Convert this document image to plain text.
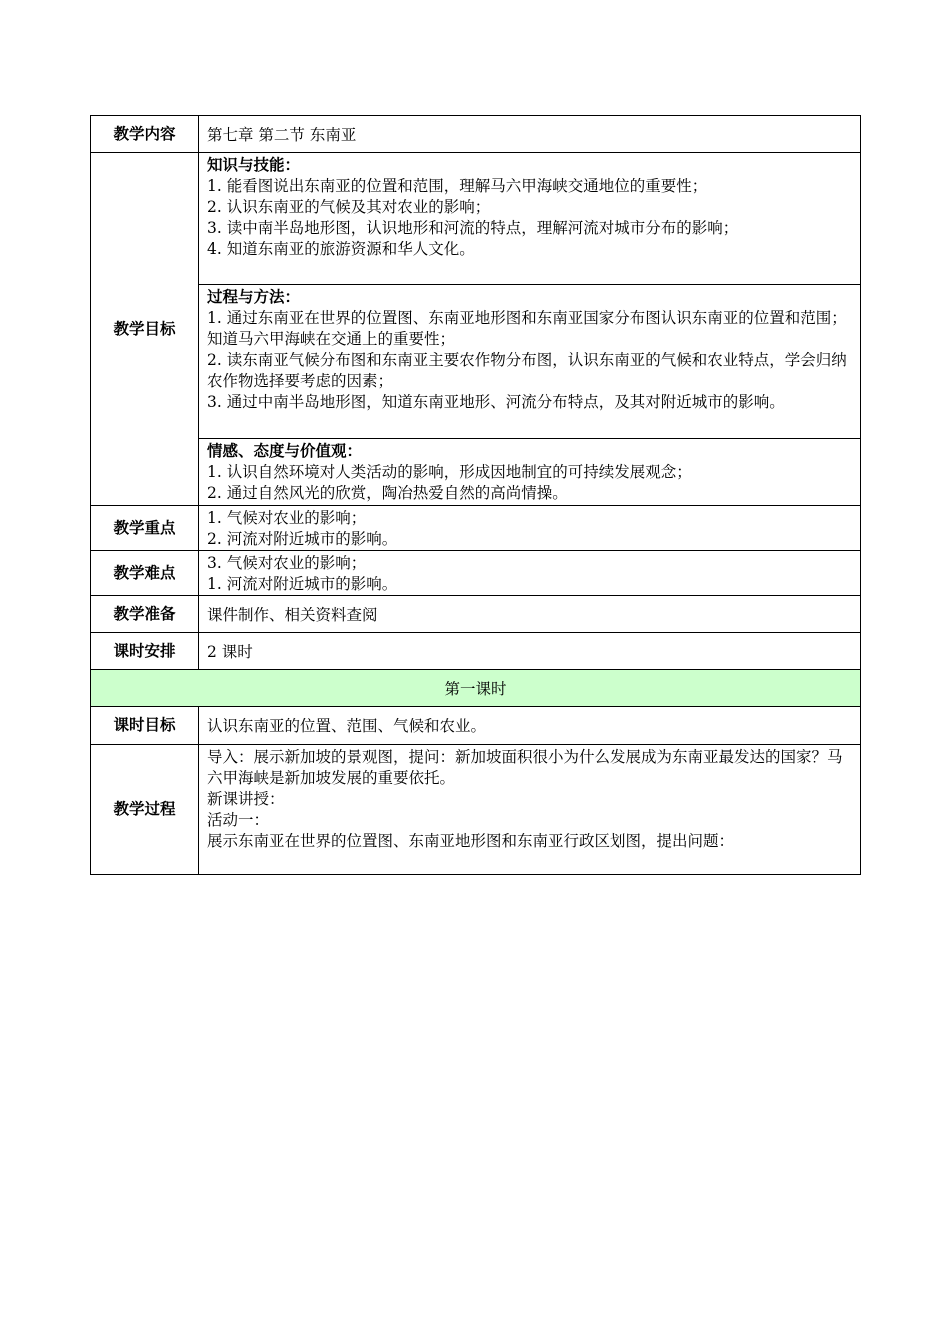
教学内容	第七章 第二节 东南亚
教学目标	知识与技能：
1. 能看图说出东南亚的位置和范围，理解马六甲海峡交通地位的重要性；
2. 认识东南亚的气候及其对农业的影响；
3. 读中南半岛地形图，认识地形和河流的特点，理解河流对城市分布的影响；
4. 知道东南亚的旅游资源和华人文化。

	过程与方法：
1. 通过东南亚在世界的位置图、东南亚地形图和东南亚国家分布图认识东南亚的位置和范围；知道马六甲海峡在交通上的重要性；
2. 读东南亚气候分布图和东南亚主要农作物分布图，认识东南亚的气候和农业特点，学会归纳农作物选择要考虑的因素；
3. 通过中南半岛地形图，知道东南亚地形、河流分布特点，及其对附近城市的影响。

	情感、态度与价值观：
1. 认识自然环境对人类活动的影响，形成因地制宜的可持续发展观念；
2. 通过自然风光的欣赏，陶冶热爱自然的高尚情操。

教学重点	1. 气候对农业的影响；
2. 河流对附近城市的影响。

教学难点	3. 气候对农业的影响；
1. 河流对附近城市的影响。

教学准备	课件制作、相关资料查阅
课时安排	2 课时
第一课时	
课时目标	认识东南亚的位置、范围、气候和农业。
教学过程	导入：展示新加坡的景观图，提问：新加坡面积很小为什么发展成为东南亚最发达的国家？马六甲海峡是新加坡发展的重要依托。
新课讲授：
活动一：
展示东南亚在世界的位置图、东南亚地形图和东南亚行政区划图，提出问题：
